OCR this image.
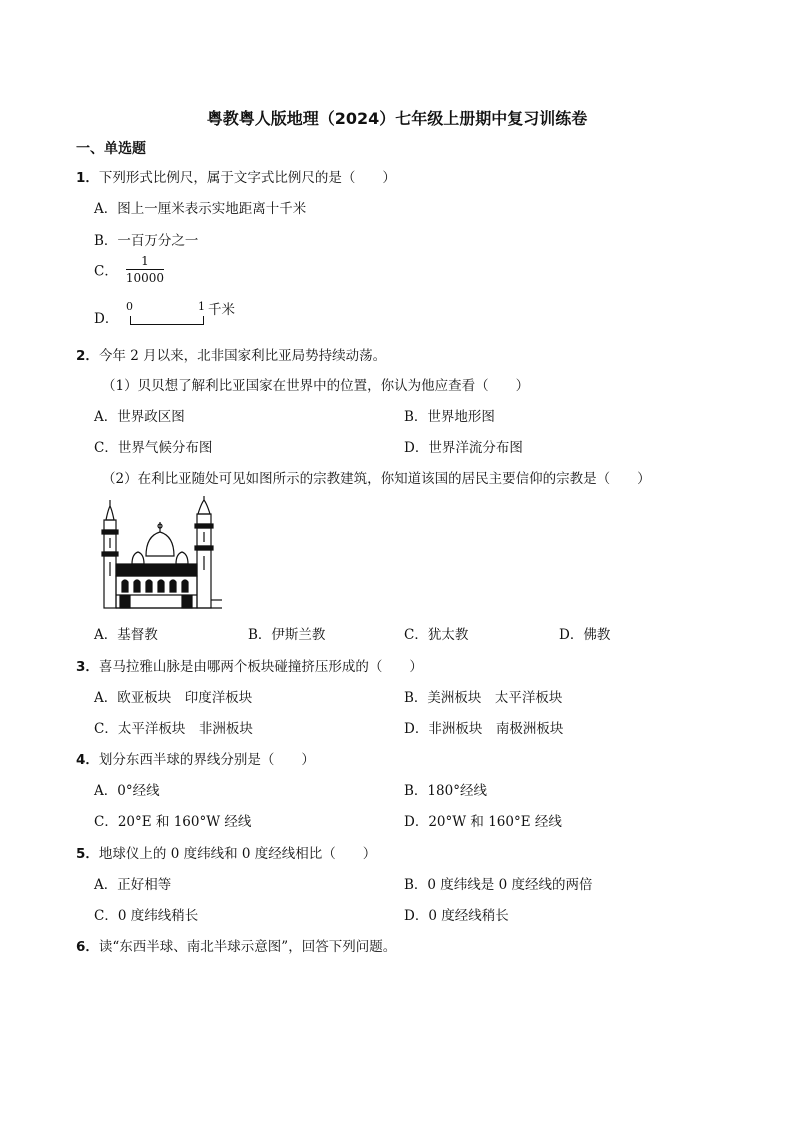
粤教粤人版地理（2024）七年级上册期中复习训练卷
一、单选题
1．下列形式比例尺，属于文字式比例尺的是（　　）
A．图上一厘米表示实地距离十千米
B．一百万分之一
C． $\frac{1}{10000}$
D．
0	1 千米
2．今年 2 月以来，北非国家利比亚局势持续动荡。
（1）贝贝想了解利比亚国家在世界中的位置，你认为他应查看（　　）
A．世界政区图	B．世界地形图
C．世界气候分布图	D．世界洋流分布图
（2）在利比亚随处可见如图所示的宗教建筑，你知道该国的居民主要信仰的宗教是（　　）
A．基督教	B．伊斯兰教	C．犹太教	D．佛教
3．喜马拉雅山脉是由哪两个板块碰撞挤压形成的（　　）
A．欧亚板块　印度洋板块	B．美洲板块　太平洋板块
C．太平洋板块　非洲板块	D．非洲板块　南极洲板块
4．划分东西半球的界线分别是（　　）
A．0°经线	B．180°经线
C．20°E 和 160°W 经线	D．20°W 和 160°E 经线
5．地球仪上的 0 度纬线和 0 度经线相比（　　）
A．正好相等	B．0 度纬线是 0 度经线的两倍
C．0 度纬线稍长	D．0 度经线稍长
6．读“东西半球、南北半球示意图”，回答下列问题。
